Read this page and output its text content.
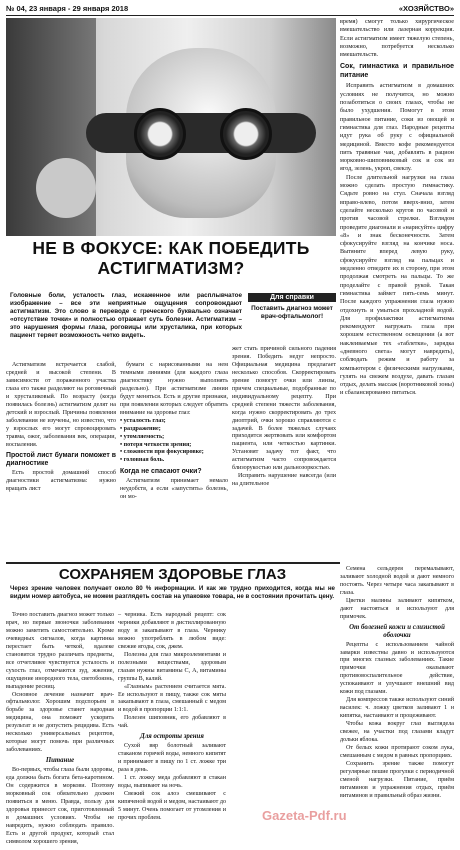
№ 04, 23 января - 29 января 2018	«ХОЗЯЙСТВО»

время) смогут только хирургическое вмешательство или лазерная коррекция. Если астигматизм имеет тяжелую степень, возможно, потребуется несколько вмешательств.

Сок, гимнастика и правильное питание

Исправить астигматизм в домашних условиях не получится, но можно позаботиться о своих глазах, чтобы не было ухудшения. Помогут в этом правильное питание, соки из овощей и гимнастика для глаз. Народные рецепты идут рука об руку с официальной медициной. Вместо кофе рекомендуется пить травяные чаи, добавлять в рацион морковно-шиповниковый сок и сок из ягод, зелень, укроп, свеклу.

После длительной нагрузки на глаза можно сделать простую гимнастику. Сядьте ровно на стул. Сначала взгляд вправо-влево, потом вверх-вниз, затем сделайте несколько кругов по часовой и против часовой стрелки. Взглядом проведите диагонали и «нарисуйте» цифру «8» и знак бесконечности. Затем сфокусируйте взгляд на кончике носа. Вытяните вперед левую руку, сфокусируйте взгляд на пальцах и медленно отведите их в сторону, при этом продолжая смотреть на пальцы. То же проделайте с правой рукой. Такая гимнастика займет пять-семь минут. После каждого упражнения глаза нужно отдохнуть и умыться прохладной водой. Для профилактики астигматизма рекомендуют нагружать глаза при хорошем естественном освещении (а вот наклеиваемые тех «таблетки», зарядка «дневного света» могут навредить), соблюдать режим и работу за компьютером с физическими нагрузками, гулять на свежем воздухе, давать глазам отдых, делать массаж (воротниковой зоны) и сбалансированно питаться.

НЕ В ФОКУСЕ: КАК ПОБЕДИТЬ АСТИГМАТИЗМ?
Головные боли, усталость глаз, искаженное или расплывчатое изображение – все эти неприятные ощущения сопровождают астигматизм. Это слово в переводе с греческого буквально означает «отсутствие точки» и полностью отражает суть болезни. Астигматизм – это нарушения формы глаза, роговицы или хрусталика, при которых пациент теряет возможность четко видеть.
Для справки
Поставить диагноз может врач-офтальмолог!

Астигматизм встречается слабой, средней и высокой степени. В зависимости от пораженного участка глаза его также разделяют на роговичный и хрусталиковый. По возрасту (когда появилась болезнь) астигматизм делят на детский и взрослый. Причины появления заболевания не изучены, но известно, что у взрослых его могут спровоцировать травма, ожог, заболевания век, операции, воспаления.

Простой лист бумаги поможет в диагностике

Есть простой домашний способ диагностики астигматизма: нужно вращать лист

бумаги с нарисованными на нем темными линиями (для каждого глаза диагностику нужно выполнять раздельно). При астигматизме линии будут меняться. Есть и другие признаки, при появлении которых следует обратить внимание на здоровье глаз:

• усталость глаз;
• раздражение;
• утомляемость;
• потеря четкости зрения;
• сложности при фокусировке;
• головная боль.
Когда не спасают очки?

Астигматизм принимает немало неудобств, а если «запустить» болезнь, он мо-

жет стать причиной сильного падения зрения. Победить недуг непросто. Официальная медицина предлагает несколько способов. Скорректировать зрение помогут очки или линзы, причем специальные, подобранные по индивидуальному рецепту. При средней степени тяжести заболевания, когда нужно скорректировать до трех диоптрий, очки хорошо справляются с задачей. В более тяжелых случаях приходится жертвовать или комфортом пациента, или четкостью картинки. Установят задачу тот факт, что астигматизм часто сопровождается близорукостью или дальнозоркостью.

Исправить нарушение навсегда (или на длительное

СОХРАНЯЕМ ЗДОРОВЬЕ ГЛАЗ
Через зрение человек получает около 80 % информации. И как же трудно приходится, когда мы не видим номер автобуса, не можем разглядеть состав на упаковке товара, не в состоянии прочитать цену.

Точно поставить диагноз может только врач, но первые звоночки заболевания можно заметить самостоятельно. Кроме очевидных сигналов, когда картинка перестает быть четкой, вдалеке становится трудно различать предметы, все отчетливее чувствуется усталость и сухость глаз, отмечаются зуд, жжение, ощущение инородного тела, светобоязнь, выпадение ресниц.

Основное лечение назначит врач-офтальмолог. Хорошим подспорьем в борьбе за здоровье станет народная медицина, она поможет ускорить результат и не допустить рецидива. Есть несколько универсальных рецептов, которые могут помочь при различных заболеваниях.

Питание

Во-первых, чтобы глаза были здоровы, еда должна быть богата бета-каротином. Он содержится в моркови. Поэтому морковный сок обязательно должен появиться в меню. Правда, пользу для здоровья принесет сок, приготовленный в домашних условиях. Чтобы не навредить, нужно соблюдать правило. Есть и другой продукт, который стал символом хорошего зрения,

– черника. Есть народный рецепт: сок черники добавляют в дистиллированную воду и закапывают в глаза. Чернику можно употреблять в любом виде: свежие ягоды, сок, джем.

Полезны для глаз микроэлементами и полезными веществами, здоровым глазам нужны витамины С, А, витамины группы В, калий.

«Глазным» растением считается мята. Ее используют в пищу, также сок мяты закапывают в глаза, смешанный с медом и водой в пропорции 1:1:1.

Полезен шиповник, его добавляют в чай.

Для остроты зрения

Сухой вяр болотный заливают стаканом горячей воды, немного кипятят и принимают в пищу по 1 ст. ложке три раза в день.

1 ст. ложку меда добавляют в стакан воды, выпивают на ночь.

Свежий сок алоэ смешивают с кипяченой водой и медом, настаивают до 5 минут. Очень помогает от утомления и прочих проблем.

Семена сельдерея перемалывают, заливают холодной водой и дают немного постоять. Через четыре часа закапывают в глаза.

Цветки малины заливают кипятком, дают настояться и используют для примочек.

От болезней кожи и слизистой оболочки

Рецепты с использованием чайной заварки известны давно и используются при многих глазных заболеваниях. Такие примочки оказывают противовоспалительное действие, успокаивают и улучшают внешний вид кожи под глазами.

Для компрессов также используют синий василек: ч. ложку цветков заливают 1 н кипятка, настаивают и процеживают.

Чтобы кожа вокруг глаз выглядела свежее, на участки под глазами кладут дольки яблока.

От белых кожи протирают соком лука, смешанным с медом в равных пропорциях.

Сохранить зрение также помогут регулярные пешие прогулки с периодичной сменой нагрузки. Питание, приём витаминов и упражнения отдых, приём витаминов и правильный образ жизни.

Gazeta-Pdf.ru
